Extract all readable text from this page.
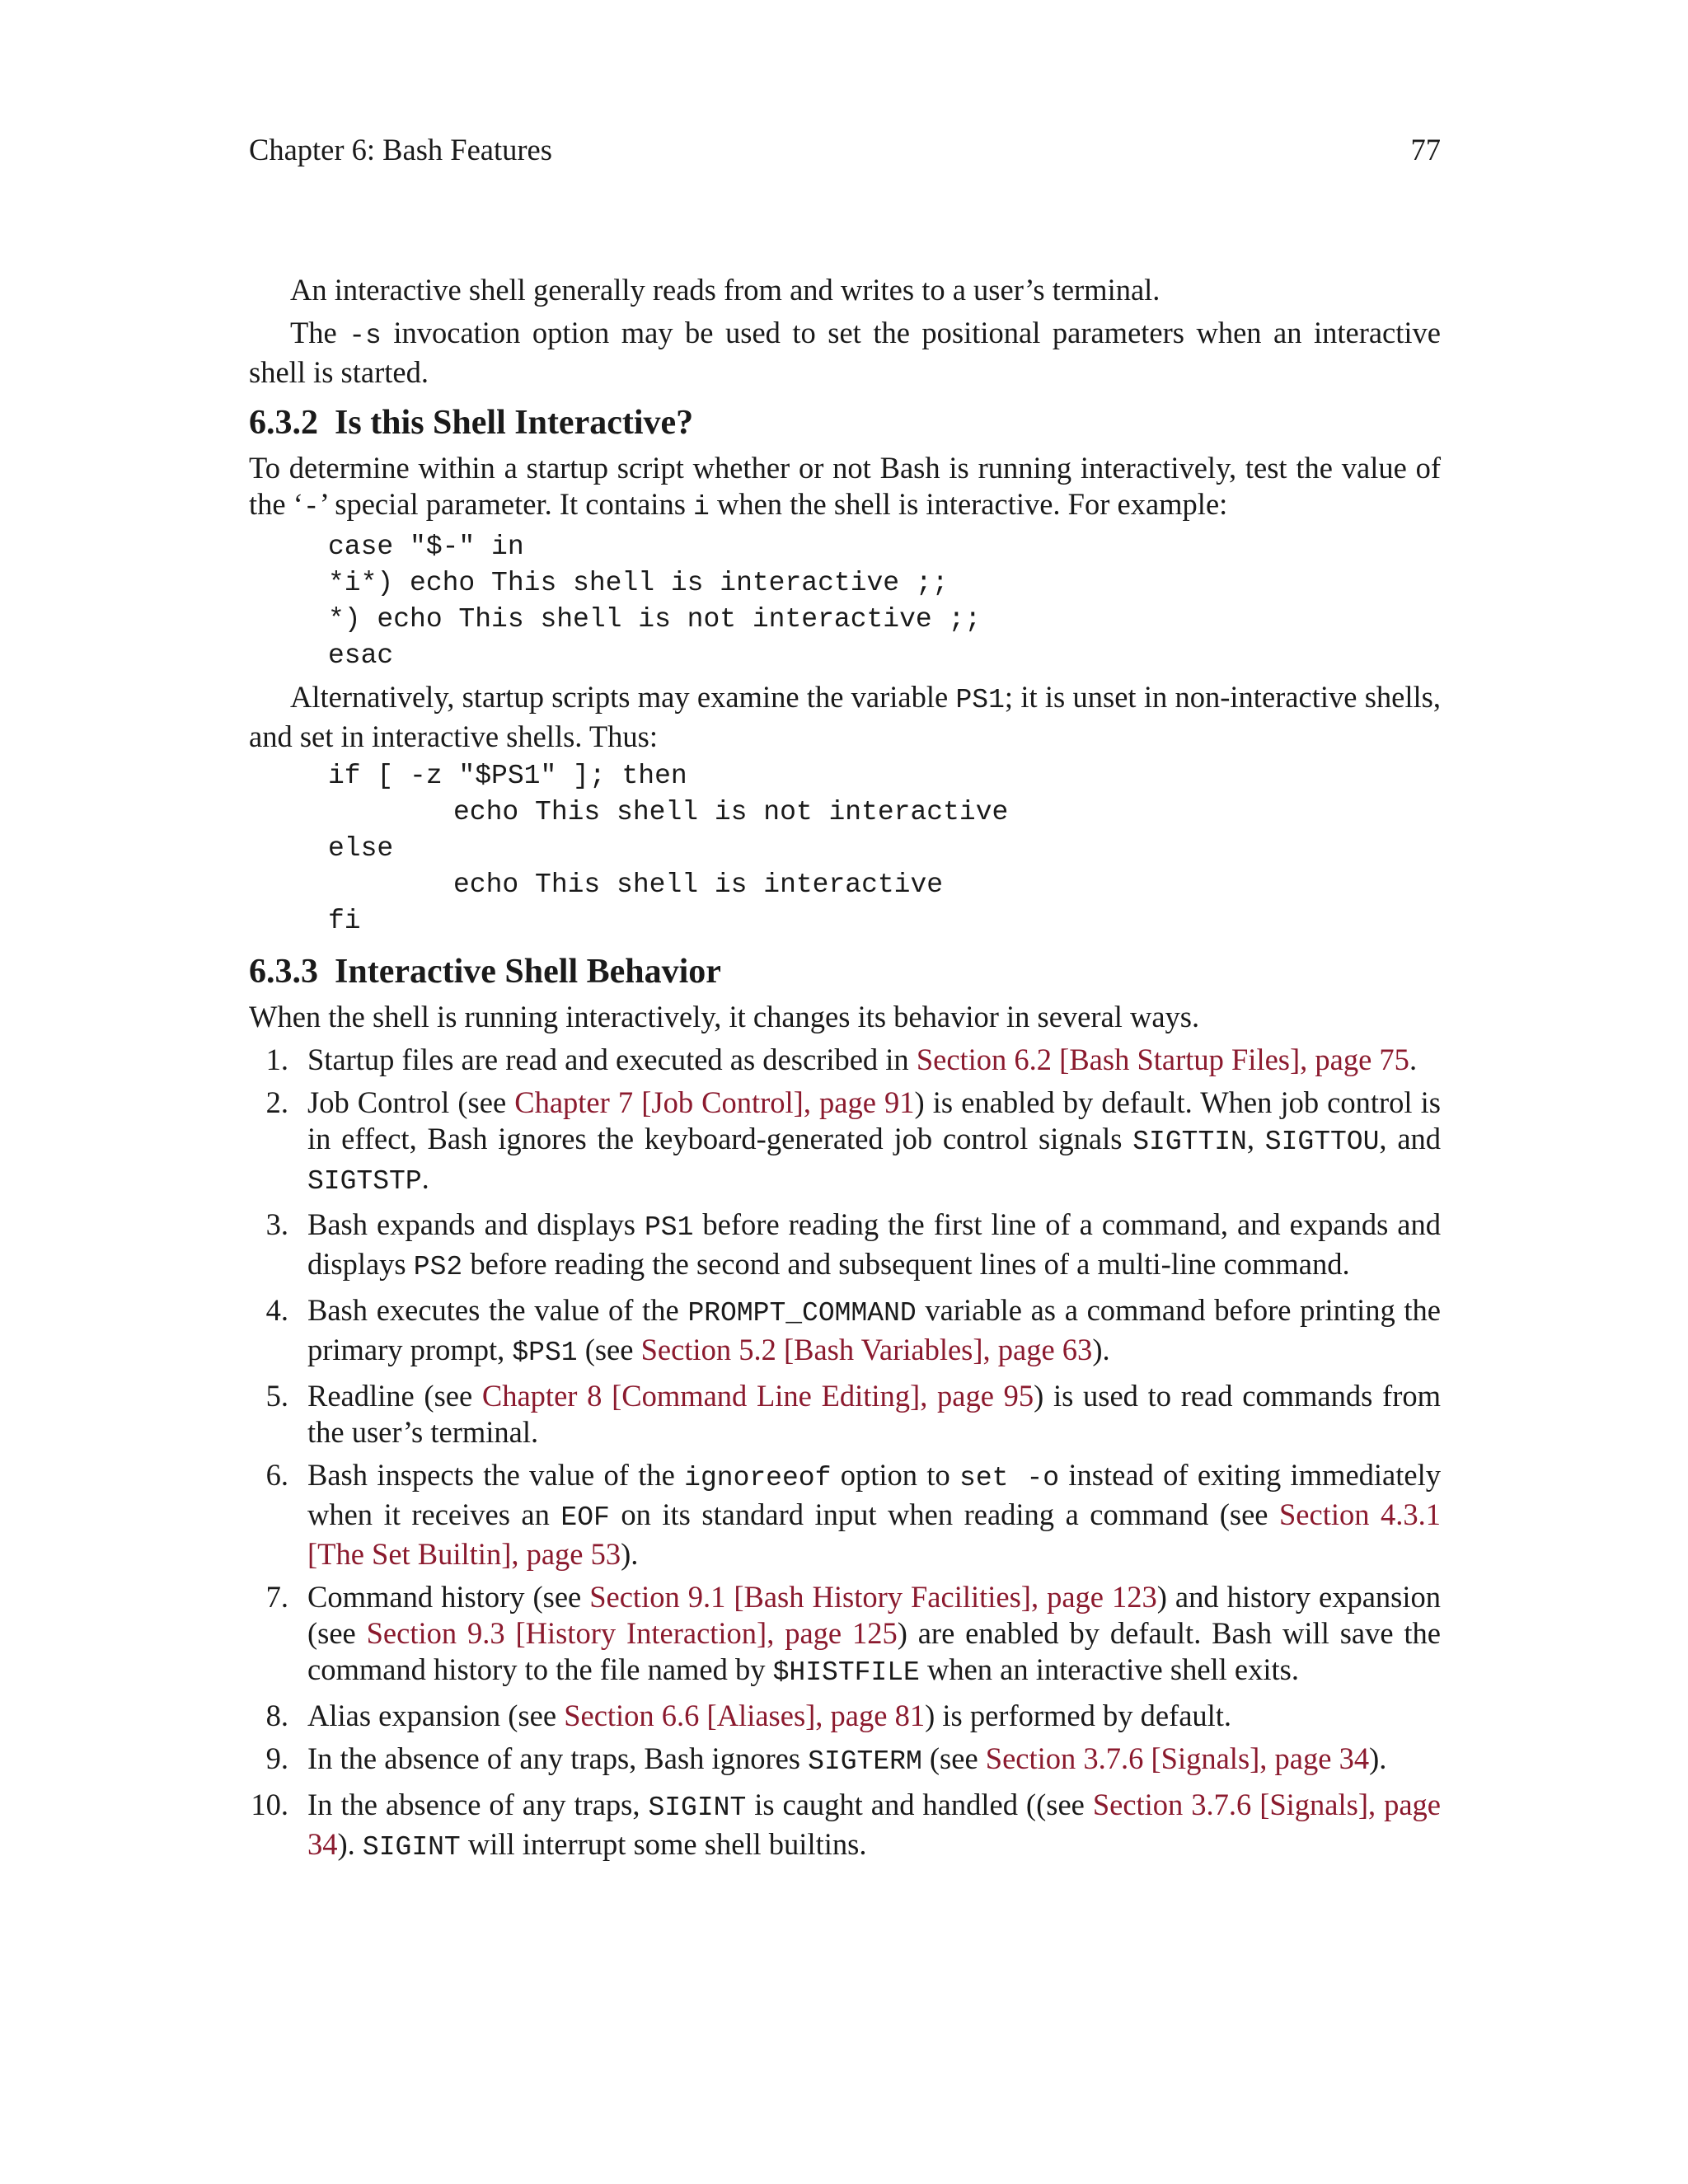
Chapter 6: Bash Features	77

An interactive shell generally reads from and writes to a user’s terminal.

The -s invocation option may be used to set the positional parameters when an interactive shell is started.

6.3.2 Is this Shell Interactive?

To determine within a startup script whether or not Bash is running interactively, test the value of the ‘-’ special parameter. It contains i when the shell is interactive. For example:

case "$-" in
*i*) echo This shell is interactive ;;
*) echo This shell is not interactive ;;
esac

Alternatively, startup scripts may examine the variable PS1; it is unset in non-interactive shells, and set in interactive shells. Thus:

if [ -z "$PS1" ]; then
echo This shell is not interactive
else
echo This shell is interactive
fi
6.3.3 Interactive Shell Behavior

When the shell is running interactively, it changes its behavior in several ways.

1. Startup files are read and executed as described in Section 6.2 [Bash Startup Files], page 75.
2. Job Control (see Chapter 7 [Job Control], page 91) is enabled by default. When job control is in effect, Bash ignores the keyboard-generated job control signals SIGTTIN, SIGTTOU, and SIGTSTP.
3. Bash expands and displays PS1 before reading the first line of a command, and expands and displays PS2 before reading the second and subsequent lines of a multi-line command.
4. Bash executes the value of the PROMPT_COMMAND variable as a command before printing the primary prompt, $PS1 (see Section 5.2 [Bash Variables], page 63).
5. Readline (see Chapter 8 [Command Line Editing], page 95) is used to read commands from the user’s terminal.
6. Bash inspects the value of the ignoreeof option to set -o instead of exiting immediately when it receives an EOF on its standard input when reading a command (see Section 4.3.1 [The Set Builtin], page 53).
7. Command history (see Section 9.1 [Bash History Facilities], page 123) and history expansion (see Section 9.3 [History Interaction], page 125) are enabled by default. Bash will save the command history to the file named by $HISTFILE when an interactive shell exits.
8. Alias expansion (see Section 6.6 [Aliases], page 81) is performed by default.
9. In the absence of any traps, Bash ignores SIGTERM (see Section 3.7.6 [Signals], page 34).
10. In the absence of any traps, SIGINT is caught and handled ((see Section 3.7.6 [Signals], page 34). SIGINT will interrupt some shell builtins.
